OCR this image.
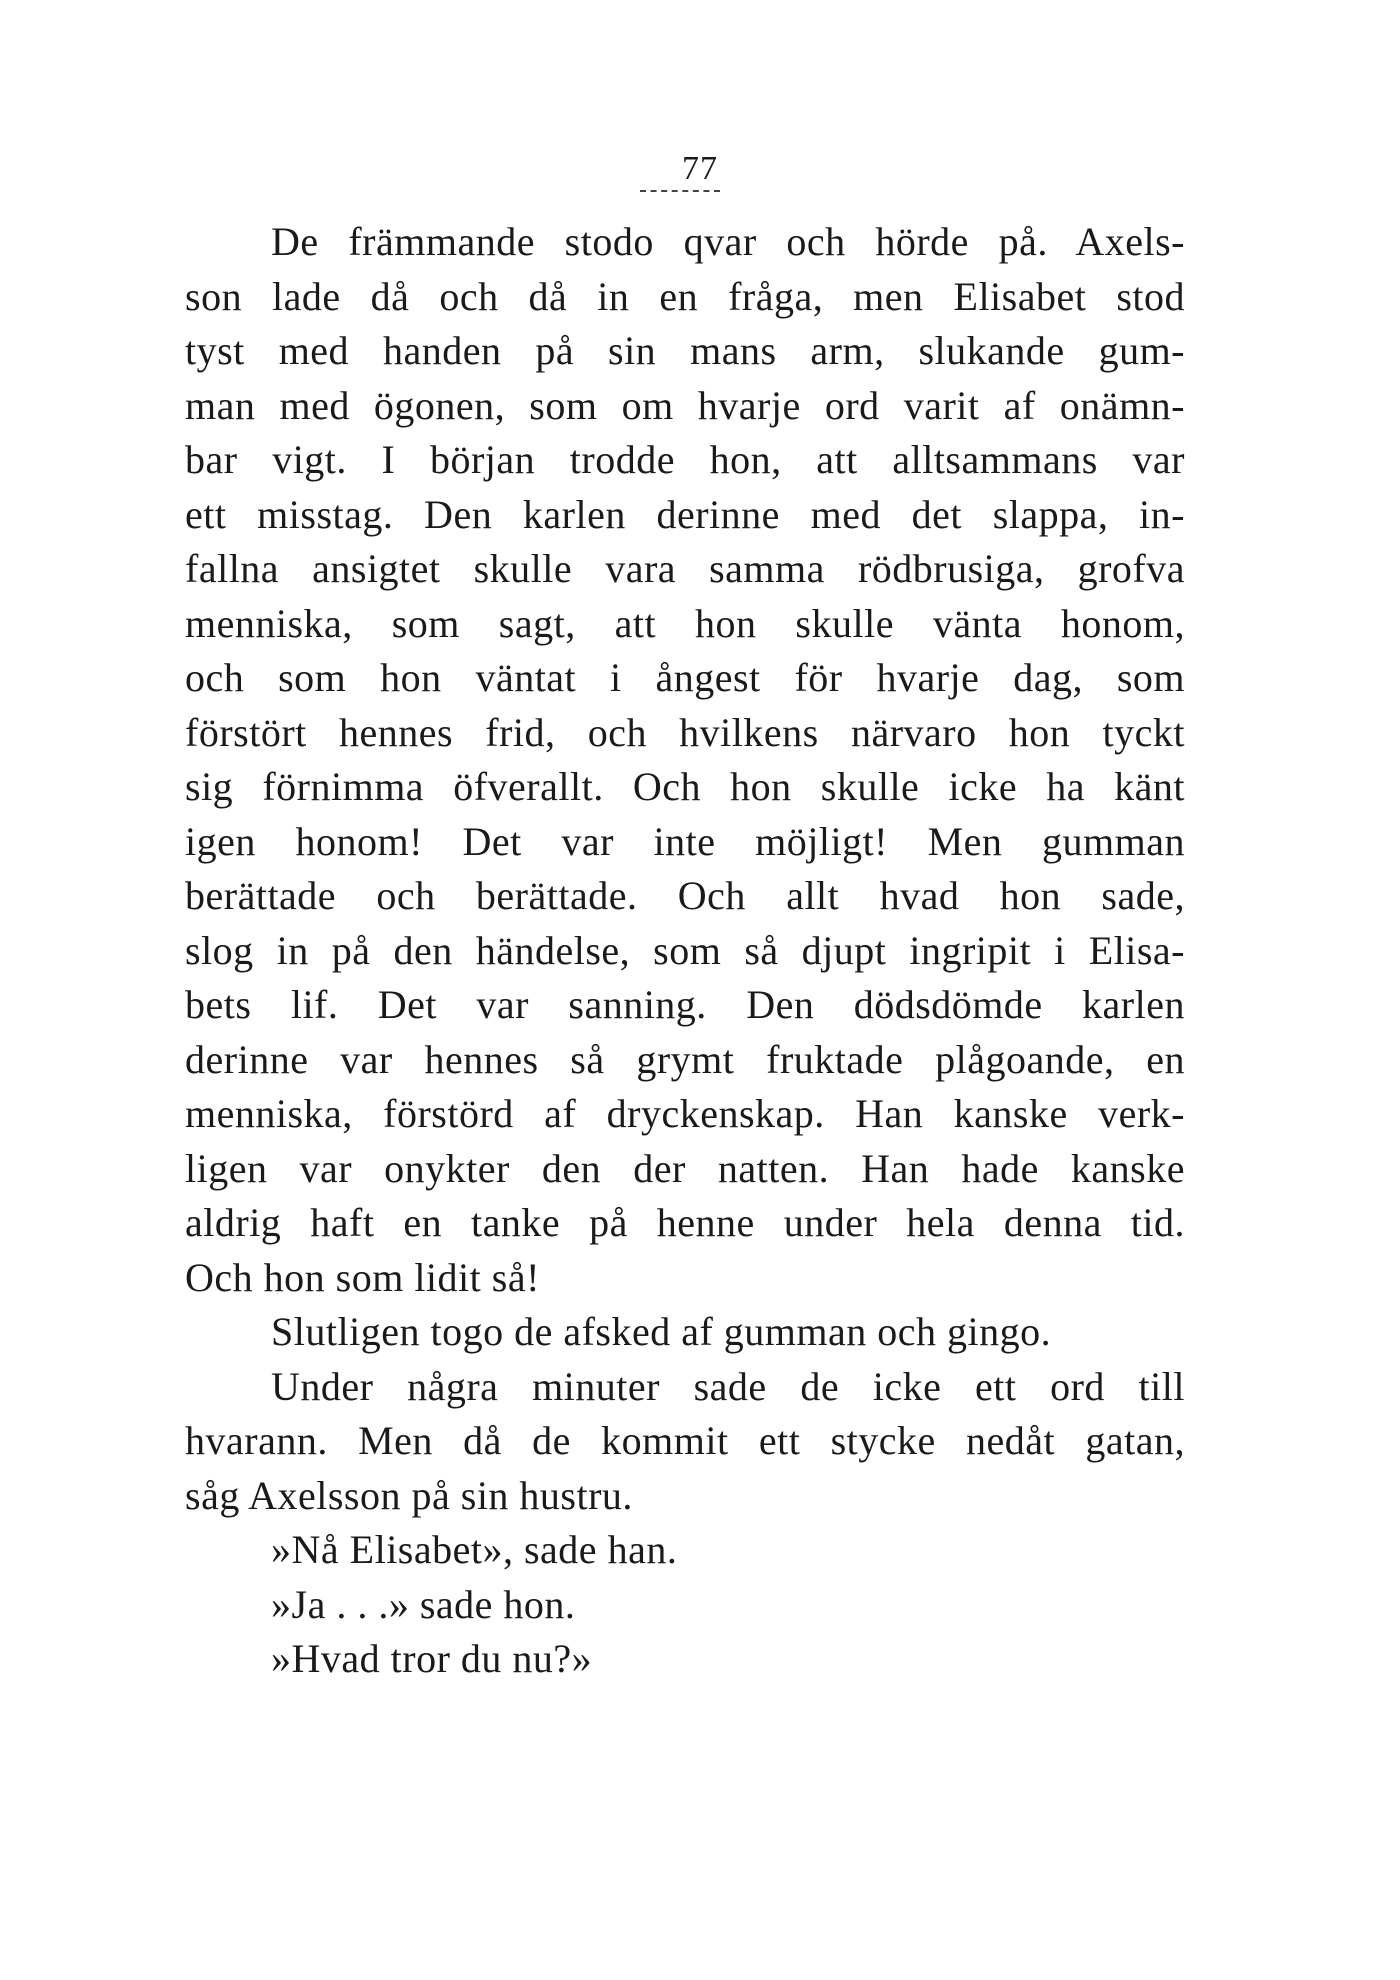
77
De främmande stodo qvar och hörde på. Axels-
son lade då och då in en fråga, men Elisabet stod
tyst med handen på sin mans arm, slukande gum-
man med ögonen, som om hvarje ord varit af onämn-
bar vigt. I början trodde hon, att alltsammans var
ett misstag. Den karlen derinne med det slappa, in-
fallna ansigtet skulle vara samma rödbrusiga, grofva
menniska, som sagt, att hon skulle vänta honom,
och som hon väntat i ångest för hvarje dag, som
förstört hennes frid, och hvilkens närvaro hon tyckt
sig förnimma öfverallt. Och hon skulle icke ha känt
igen honom! Det var inte möjligt! Men gumman
berättade och berättade. Och allt hvad hon sade,
slog in på den händelse, som så djupt ingripit i Elisa-
bets lif. Det var sanning. Den dödsdömde karlen
derinne var hennes så grymt fruktade plågoande, en
menniska, förstörd af dryckenskap. Han kanske verk-
ligen var onykter den der natten. Han hade kanske
aldrig haft en tanke på henne under hela denna tid.
Och hon som lidit så!
Slutligen togo de afsked af gumman och gingo.
Under några minuter sade de icke ett ord till
hvarann. Men då de kommit ett stycke nedåt gatan,
såg Axelsson på sin hustru.
»Nå Elisabet», sade han.
»Ja . . .» sade hon.
»Hvad tror du nu?»
